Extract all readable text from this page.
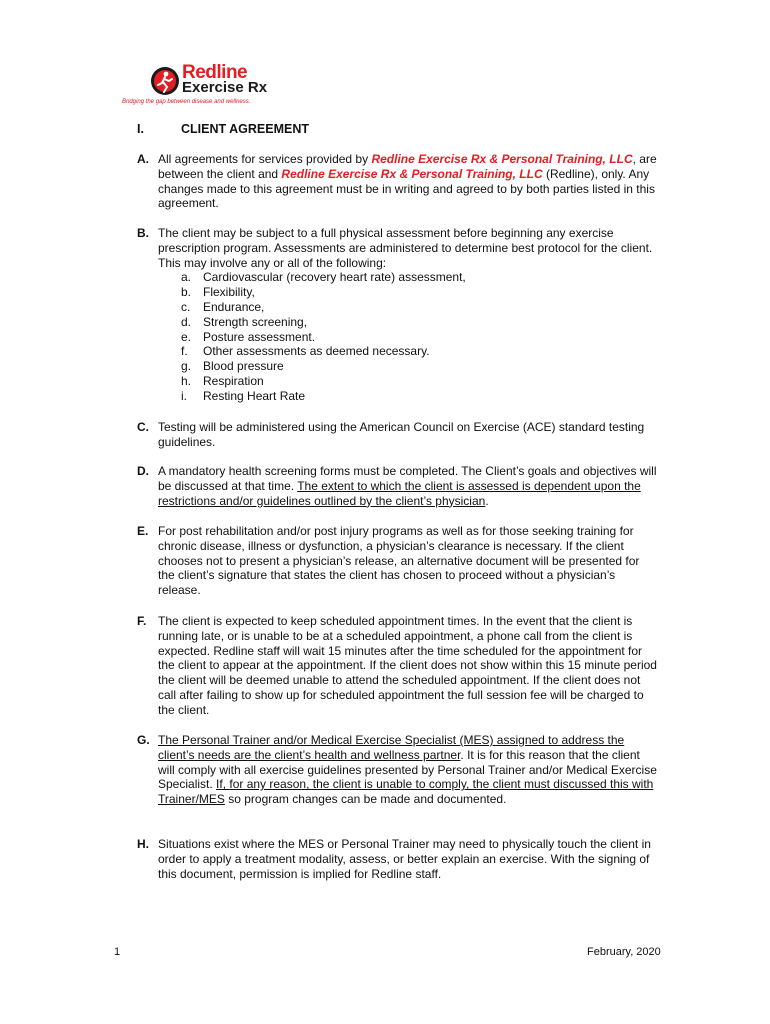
Redline
Exercise Rx
Bridging the gap between disease and wellness.
I.	CLIENT AGREEMENT
A. All agreements for services provided by Redline Exercise Rx & Personal Training, LLC, are between the client and Redline Exercise Rx & Personal Training, LLC (Redline), only. Any changes made to this agreement must be in writing and agreed to by both parties listed in this agreement.
B. The client may be subject to a full physical assessment before beginning any exercise prescription program. Assessments are administered to determine best protocol for the client. This may involve any or all of the following:
a. Cardiovascular (recovery heart rate) assessment,
b. Flexibility,
c.	Endurance,
d. Strength screening,
e. Posture assessment.
f.	Other assessments as deemed necessary.
g. Blood pressure
h. Respiration
i.	Resting Heart Rate
C. Testing will be administered using the American Council on Exercise (ACE) standard testing guidelines.
D. A mandatory health screening forms must be completed. The Client’s goals and objectives will be discussed at that time. The extent to which the client is assessed is dependent upon the restrictions and/or guidelines outlined by the client’s physician.
E. For post rehabilitation and/or post injury programs as well as for those seeking training for chronic disease, illness or dysfunction, a physician’s clearance is necessary. If the client chooses not to present a physician’s release, an alternative document will be presented for the client’s signature that states the client has chosen to proceed without a physician’s release.
F. The client is expected to keep scheduled appointment times. In the event that the client is running late, or is unable to be at a scheduled appointment, a phone call from the client is expected. Redline staff will wait 15 minutes after the time scheduled for the appointment for the client to appear at the appointment. If the client does not show within this 15 minute period the client will be deemed unable to attend the scheduled appointment. If the client does not call after failing to show up for scheduled appointment the full session fee will be charged to the client.
G. The Personal Trainer and/or Medical Exercise Specialist (MES) assigned to address the client’s needs are the client’s health and wellness partner. It is for this reason that the client will comply with all exercise guidelines presented by Personal Trainer and/or Medical Exercise Specialist. If, for any reason, the client is unable to comply, the client must discussed this with Trainer/MES so program changes can be made and documented.
H. Situations exist where the MES or Personal Trainer may need to physically touch the client in order to apply a treatment modality, assess, or better explain an exercise. With the signing of this document, permission is implied for Redline staff.
1	February, 2020
